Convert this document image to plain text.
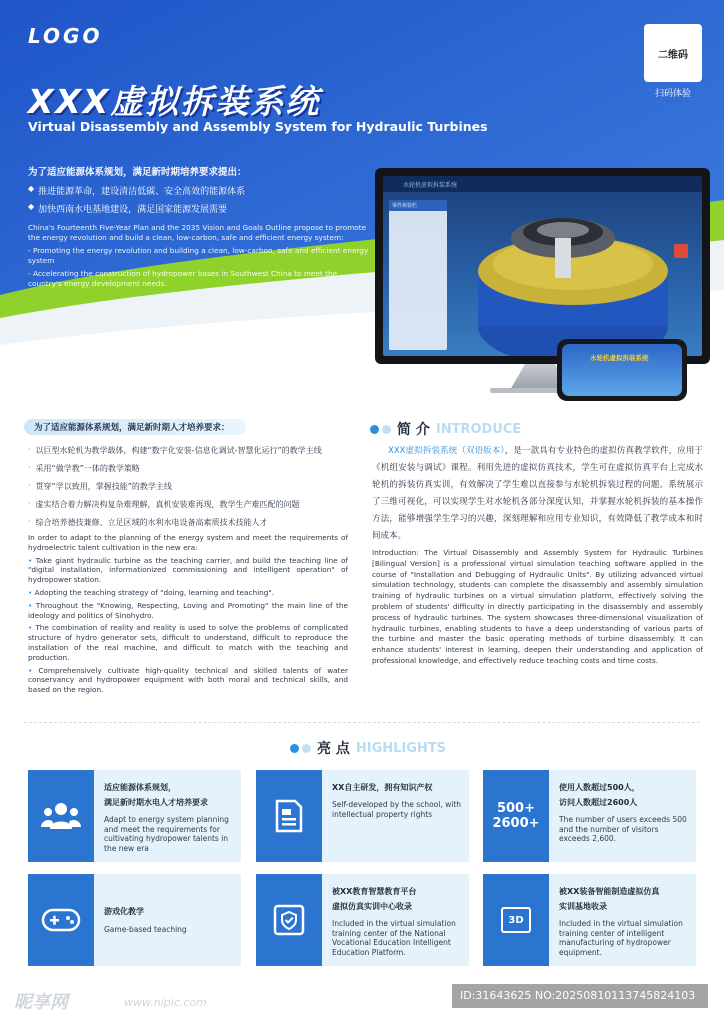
LOGO
二维码
扫码体验
XXX虚拟拆装系统
Virtual Disassembly and Assembly System for Hydraulic Turbines
为了适应能源体系规划，满足新时期培养要求提出：
◆ 推进能源革命，建设清洁低碳、安全高效的能源体系
◆ 加快西南水电基地建设，满足国家能源发展需要

China's Fourteenth Five-Year Plan and the 2035 Vision and Goals Outline propose to promote the energy revolution and build a clean, low-carbon, safe and efficient energy system:

- Promoting the energy revolution and building a clean, low-carbon, safe and efficient energy system

- Accelerating the construction of hydropower bases in Southwest China to meet the country's energy development needs.

水轮机虚拟拆装系统
零件拆装栏
水轮机虚拟拆装系统
为了适应能源体系规划，满足新时期人才培养要求：
· 以巨型水轮机为教学载体，构建“数字化安装-信息化调试-智慧化运行”的教学主线
· 采用“做学教”一体的教学策略
· 贯穿“学以致用，掌握技能”的教学主线
· 虚实结合着力解决构复杂难理解，真机安装难再现，教学生产难匹配的问题
· 综合培养德技兼修、立足区域的水利水电设备高素质技术技能人才

In order to adapt to the planning of the energy system and meet the requirements of hydroelectric talent cultivation in the new era:

• Take giant hydraulic turbine as the teaching carrier, and build the teaching line of "digital installation, informationized commissioning and intelligent operation" of hydropower station.

• Adopting the teaching strategy of "doing, learning and teaching".

• Throughout the "Knowing, Respecting, Loving and Promoting" the main line of the ideology and politics of Sinohydro.

• The combination of reality and reality is used to solve the problems of complicated structure of hydro generator sets, difficult to understand, difficult to reproduce the installation of the real machine, and difficult to match with the teaching and production.

• Comprehensively cultivate high-quality technical and skilled talents of water conservancy and hydropower equipment with both moral and technical skills, and based on the region.

简 介 INTRODUCE
XXX虚拟拆装系统（双语版本），是一款具有专业特色的虚拟仿真教学软件，应用于《机组安装与调试》课程。利用先进的虚拟仿真技术，学生可在虚拟仿真平台上完成水轮机的拆装仿真实训，有效解决了学生难以直接参与水轮机拆装过程的问题。系统展示了三维可视化，可以实现学生对水轮机各部分深度认知，并掌握水轮机拆装的基本操作方法，能够增强学生学习的兴趣，深刻理解和应用专业知识，有效降低了教学成本和时间成本。
Introduction: The Virtual Disassembly and Assembly System for Hydraulic Turbines [Bilingual Version] is a professional virtual simulation teaching software applied in the course of "Installation and Debugging of Hydraulic Units". By utilizing advanced virtual simulation technology, students can complete the disassembly and assembly simulation training of hydraulic turbines on a virtual simulation platform, effectively solving the problem of students' difficulty in directly participating in the disassembly and assembly process of hydraulic turbines. The system showcases three-dimensional visualization of hydraulic turbines, enabling students to have a deep understanding of various parts of the turbine and master the basic operating methods of turbine disassembly. It can enhance students' interest in learning, deepen their understanding and application of professional knowledge, and effectively reduce teaching costs and time costs.
亮 点 HIGHLIGHTS
适应能源体系规划，
满足新时期水电人才培养要求
Adapt to energy system planning and meet the requirements for cultivating hydropower talents in the new era
XX自主研发，拥有知识产权
Self-developed by the school, with intellectual property rights	500+
2600+
使用人数超过500人，
访问人数超过2600人
The number of users exceeds 500 and the number of visitors exceeds 2,600.
游戏化教学
Game-based teaching
被XX教育智慧教育平台
虚拟仿真实训中心收录
Included in the virtual simulation training center of the National Vocational Education Intelligent Education Platform.
3D
被XX装备智能制造虚拟仿真
实训基地收录
Included in the virtual simulation training center of intelligent manufacturing of hydropower equipment.
昵享网	www.nipic.com
ID:31643625 NO:20250810113745824103
